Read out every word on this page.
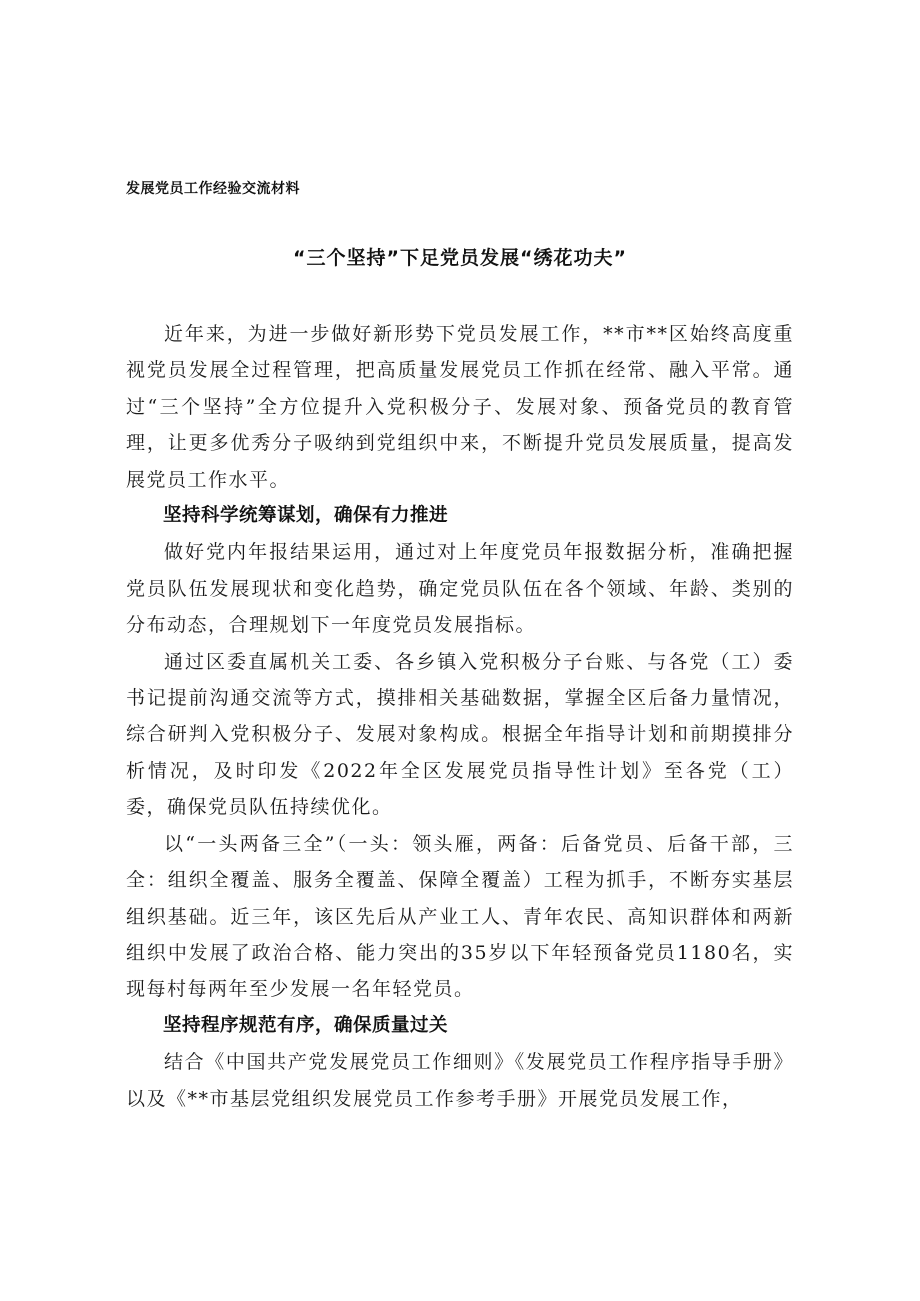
发展党员工作经验交流材料
“三个坚持”下足党员发展“绣花功夫”

近年来，为进一步做好新形势下党员发展工作，**市**区始终高度重视党员发展全过程管理，把高质量发展党员工作抓在经常、融入平常。通过“三个坚持”全方位提升入党积极分子、发展对象、预备党员的教育管理，让更多优秀分子吸纳到党组织中来，不断提升党员发展质量，提高发展党员工作水平。

坚持科学统筹谋划，确保有力推进

做好党内年报结果运用，通过对上年度党员年报数据分析，准确把握党员队伍发展现状和变化趋势，确定党员队伍在各个领域、年龄、类别的分布动态，合理规划下一年度党员发展指标。

通过区委直属机关工委、各乡镇入党积极分子台账、与各党（工）委书记提前沟通交流等方式，摸排相关基础数据，掌握全区后备力量情况，综合研判入党积极分子、发展对象构成。根据全年指导计划和前期摸排分析情况，及时印发《2022年全区发展党员指导性计划》至各党（工）委，确保党员队伍持续优化。

以“一头两备三全”（一头：领头雁，两备：后备党员、后备干部，三全：组织全覆盖、服务全覆盖、保障全覆盖）工程为抓手，不断夯实基层组织基础。近三年，该区先后从产业工人、青年农民、高知识群体和两新组织中发展了政治合格、能力突出的35岁以下年轻预备党员1180名，实现每村每两年至少发展一名年轻党员。

坚持程序规范有序，确保质量过关

结合《中国共产党发展党员工作细则》《发展党员工作程序指导手册》以及《**市基层党组织发展党员工作参考手册》开展党员发展工作，
